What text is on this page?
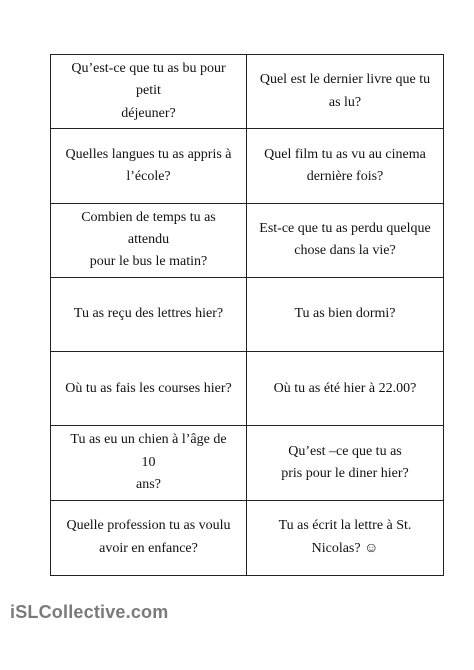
Qu’est-ce que tu as bu pour petit
déjeuner?
Quel est le dernier livre que tu
as lu?
Quelles langues tu as appris à
l’école?
Quel film tu as vu au cinema
dernière fois?
Combien de temps tu as attendu
pour le bus le matin?
Est-ce que tu as perdu quelque
chose dans la vie?
Tu as reçu des lettres hier?	Tu as bien dormi?
Où tu as fais les courses hier?	Où tu as été hier à 22.00?
Tu as eu un chien à l’âge de 10
ans?
Qu’est –ce que tu as
pris pour le diner hier?
Quelle profession tu as voulu
avoir en enfance?
Tu as écrit la lettre à St.
Nicolas? ☺
iSLCollective.com
